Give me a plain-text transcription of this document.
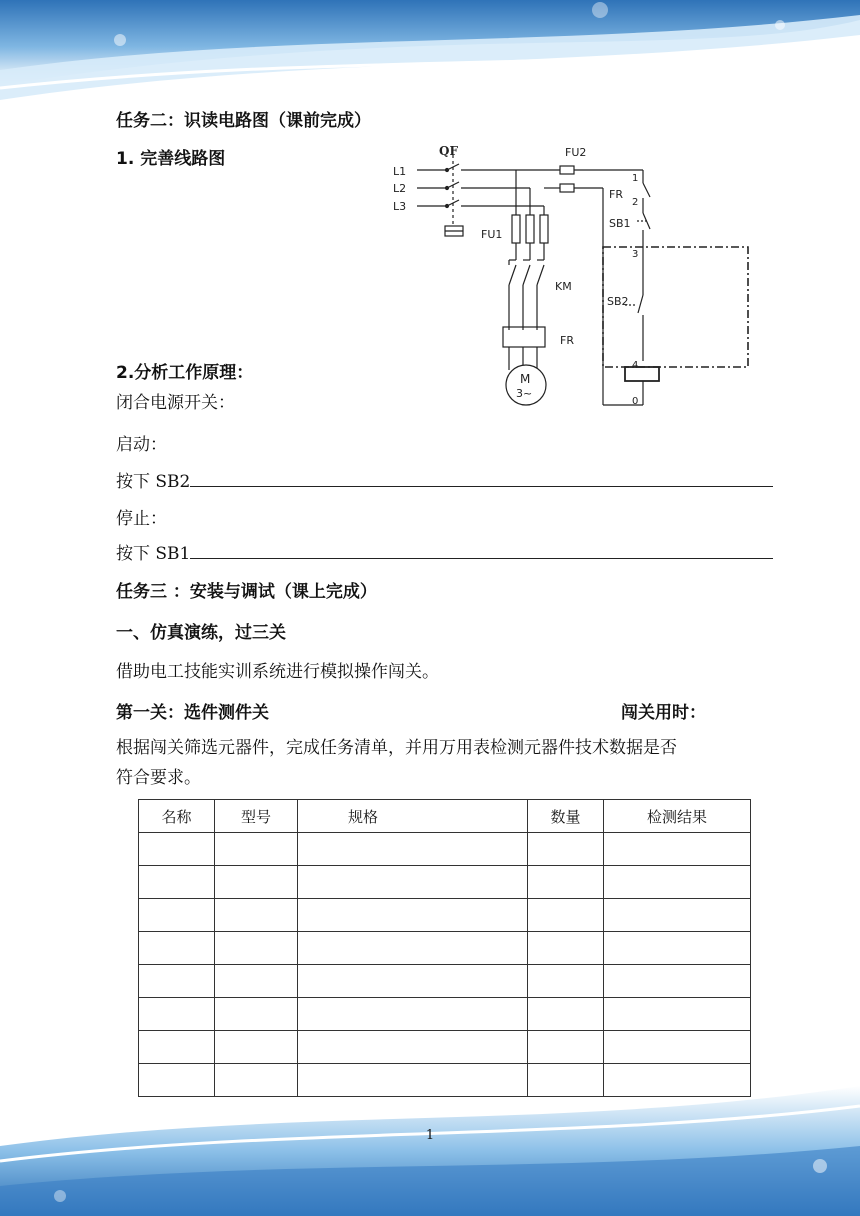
任务二：识读电路图（课前完成）
1. 完善线路图	QF
L1
L2
L3
FU1
FU2
KM
FR
FR
SB1
SB2
1
2
3
4
0
M
3~
2.分析工作原理：
闭合电源开关：
启动：
按下 SB2
停止：
按下 SB1
任务三 ：安装与调试（课上完成）
一、仿真演练，过三关
借助电工技能实训系统进行模拟操作闯关。
第一关：选件测件关	闯关用时：
根据闯关筛选元器件，完成任务清单，并用万用表检测元器件技术数据是否
符合要求。
名称	型号	规格	数量	检测结果

1
